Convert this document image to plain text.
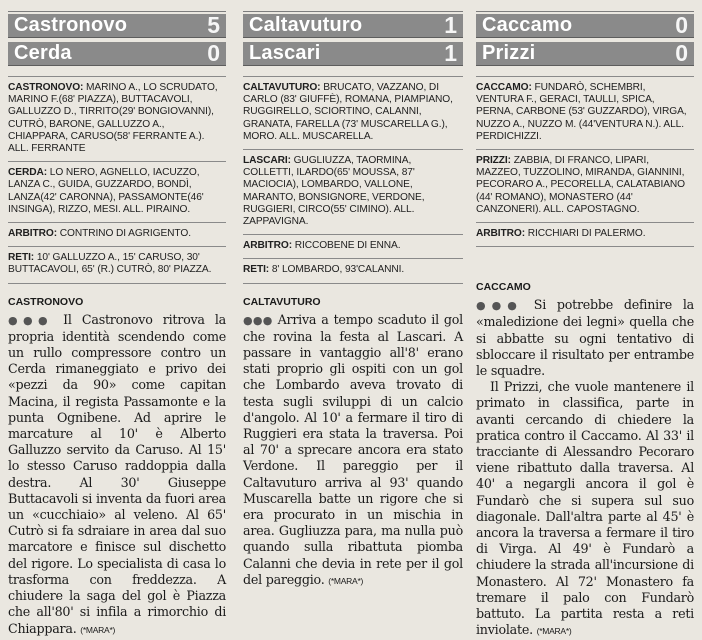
Castronovo	5
Cerda	0
CASTRONOVO: MARINO A., LO SCRUDATO, MARINO F.(68' PIAZZA), BUTTACAVOLI, GALLUZZO D., TIRRITO(29' BONGIOVANNI), CUTRÒ, BARONE, GALLUZZO A., CHIAPPARA, CARUSO(58' FERRANTE A.). ALL. FERRANTE
CERDA: LO NERO, AGNELLO, IACUZZO, LANZA C., GUIDA, GUZZARDO, BONDÌ, LANZA(42' CARONNA), PASSAMONTE(46' INSINGA), RIZZO, MESI. ALL. PIRAINO.
ARBITRO: CONTRINO DI AGRIGENTO.
RETI: 10' GALLUZZO A., 15' CARUSO, 30' BUTTACAVOLI, 65' (R.) CUTRÒ, 80' PIAZZA.
CASTRONOVO

●●● Il Castronovo ritrova la propria identità scendendo come un rullo compressore contro un Cerda rimaneggiato e privo dei «pezzi da 90» come capitan Macina, il regista Passamonte e la punta Ognibene. Ad aprire le marcature al 10' è Alberto Galluzzo servito da Caruso. Al 15' lo stesso Caruso raddoppia dalla destra. Al 30' Giuseppe Buttacavoli si inventa da fuori area un «cucchiaio» al veleno. Al 65' Cutrò si fa sdraiare in area dal suo marcatore e finisce sul dischetto del rigore. Lo specialista di casa lo trasforma con freddezza. A chiudere la saga del gol è Piazza che all'80' si infila a rimorchio di Chiappara. (*MARA*)

Caltavuturo	1
Lascari	1
CALTAVUTURO: BRUCATO, VAZZANO, DI CARLO (83' GIUFFÈ), ROMANA, PIAMPIANO, RUGGIRELLO, SCIORTINO, CALANNI, GRANATA, FARELLA (73' MUSCARELLA G.), MORO. ALL. MUSCARELLA.
LASCARI: GUGLIUZZA, TAORMINA, COLLETTI, ILARDO(65' MOUSSA, 87' MACIOCIA), LOMBARDO, VALLONE, MARANTO, BONSIGNORE, VERDONE, RUGGIERI, CIRCO(55' CIMINO). ALL. ZAPPAVIGNA.
ARBITRO: RICCOBENE DI ENNA.
RETI: 8' LOMBARDO, 93'CALANNI.
CALTAVUTURO

●●● Arriva a tempo scaduto il gol che rovina la festa al Lascari. A passare in vantaggio all'8' erano stati proprio gli ospiti con un gol che Lombardo aveva trovato di testa sugli sviluppi di un calcio d'angolo. Al 10' a fermare il tiro di Ruggieri era stata la traversa. Poi al 70' a sprecare ancora era stato Verdone. Il pareggio per il Caltavuturo arriva al 93' quando Muscarella batte un rigore che si era procurato in un mischia in area. Gugliuzza para, ma nulla può quando sulla ribattuta piomba Calanni che devia in rete per il gol del pareggio. (*MARA*)

Caccamo	0
Prizzi	0
CACCAMO: FUNDARÒ, SCHEMBRI, VENTURA F., GERACI, TAULLI, SPICA, PERNA, CARBONE (53' GUZZARDO), VIRGA, NUZZO A., NUZZO M. (44'VENTURA N.). ALL. PERDICHIZZI.
PRIZZI: ZABBIA, DI FRANCO, LIPARI, MAZZEO, TUZZOLINO, MIRANDA, GIANNINI, PECORARO A., PECORELLA, CALATABIANO (44' ROMANO), MONASTERO (44' CANZONERI). ALL. CAPOSTAGNO.
ARBITRO: RICCHIARI DI PALERMO.
CACCAMO

●●● Si potrebbe definire la «maledizione dei legni» quella che si abbatte su ogni tentativo di sbloccare il risultato per entrambe le squadre.

Il Prizzi, che vuole mantenere il primato in classifica, parte in avanti cercando di chiedere la pratica contro il Caccamo. Al 33' il tracciante di Alessandro Pecoraro viene ribattuto dalla traversa. Al 40' a negargli ancora il gol è Fundarò che si supera sul suo diagonale. Dall'altra parte al 45' è ancora la traversa a fermare il tiro di Virga. Al 49' è Fundarò a chiudere la strada all'incursione di Monastero. Al 72' Monastero fa tremare il palo con Fundarò battuto. La partita resta a reti inviolate. (*MARA*)
